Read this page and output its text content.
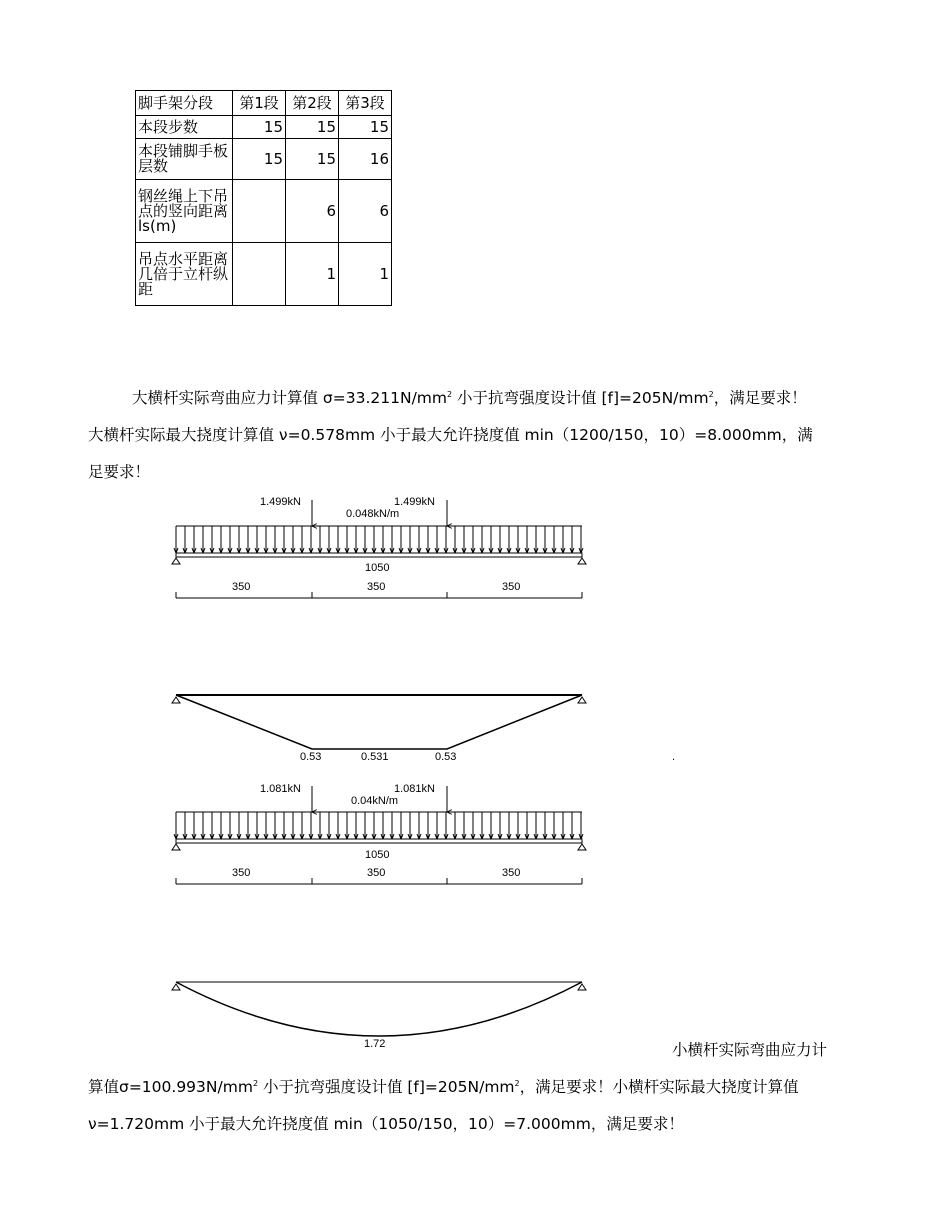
脚手架分段	第1段	第2段	第3段
本段步数	15	15	15
本段铺脚手板层数	15	15	16
钢丝绳上下吊点的竖向距离ls(m)		6	6
吊点水平距离几倍于立杆纵距		1	1
大横杆实际弯曲应力计算值 $\sigma=33.211N/mm^2$ 小于抗弯强度设计值 $[f]=205N/mm^2$，满足要求！
大横杆实际最大挠度计算值 ν=0.578mm 小于最大允许挠度值 min（1200/150，10）=8.000mm，满
足要求！
1.499kN	1.499kN
0.048kN/m
1050
350	350	350
0.53	0.531	0.53	.
1.081kN	1.081kN
0.04kN/m
1050
350	350	350
1.72	小横杆实际弯曲应力计
算值$\sigma=100.993N/mm^2$ 小于抗弯强度设计值 $[f]=205N/mm^2$，满足要求！小横杆实际最大挠度计算值
ν=1.720mm 小于最大允许挠度值 min（1050/150，10）=7.000mm，满足要求！
